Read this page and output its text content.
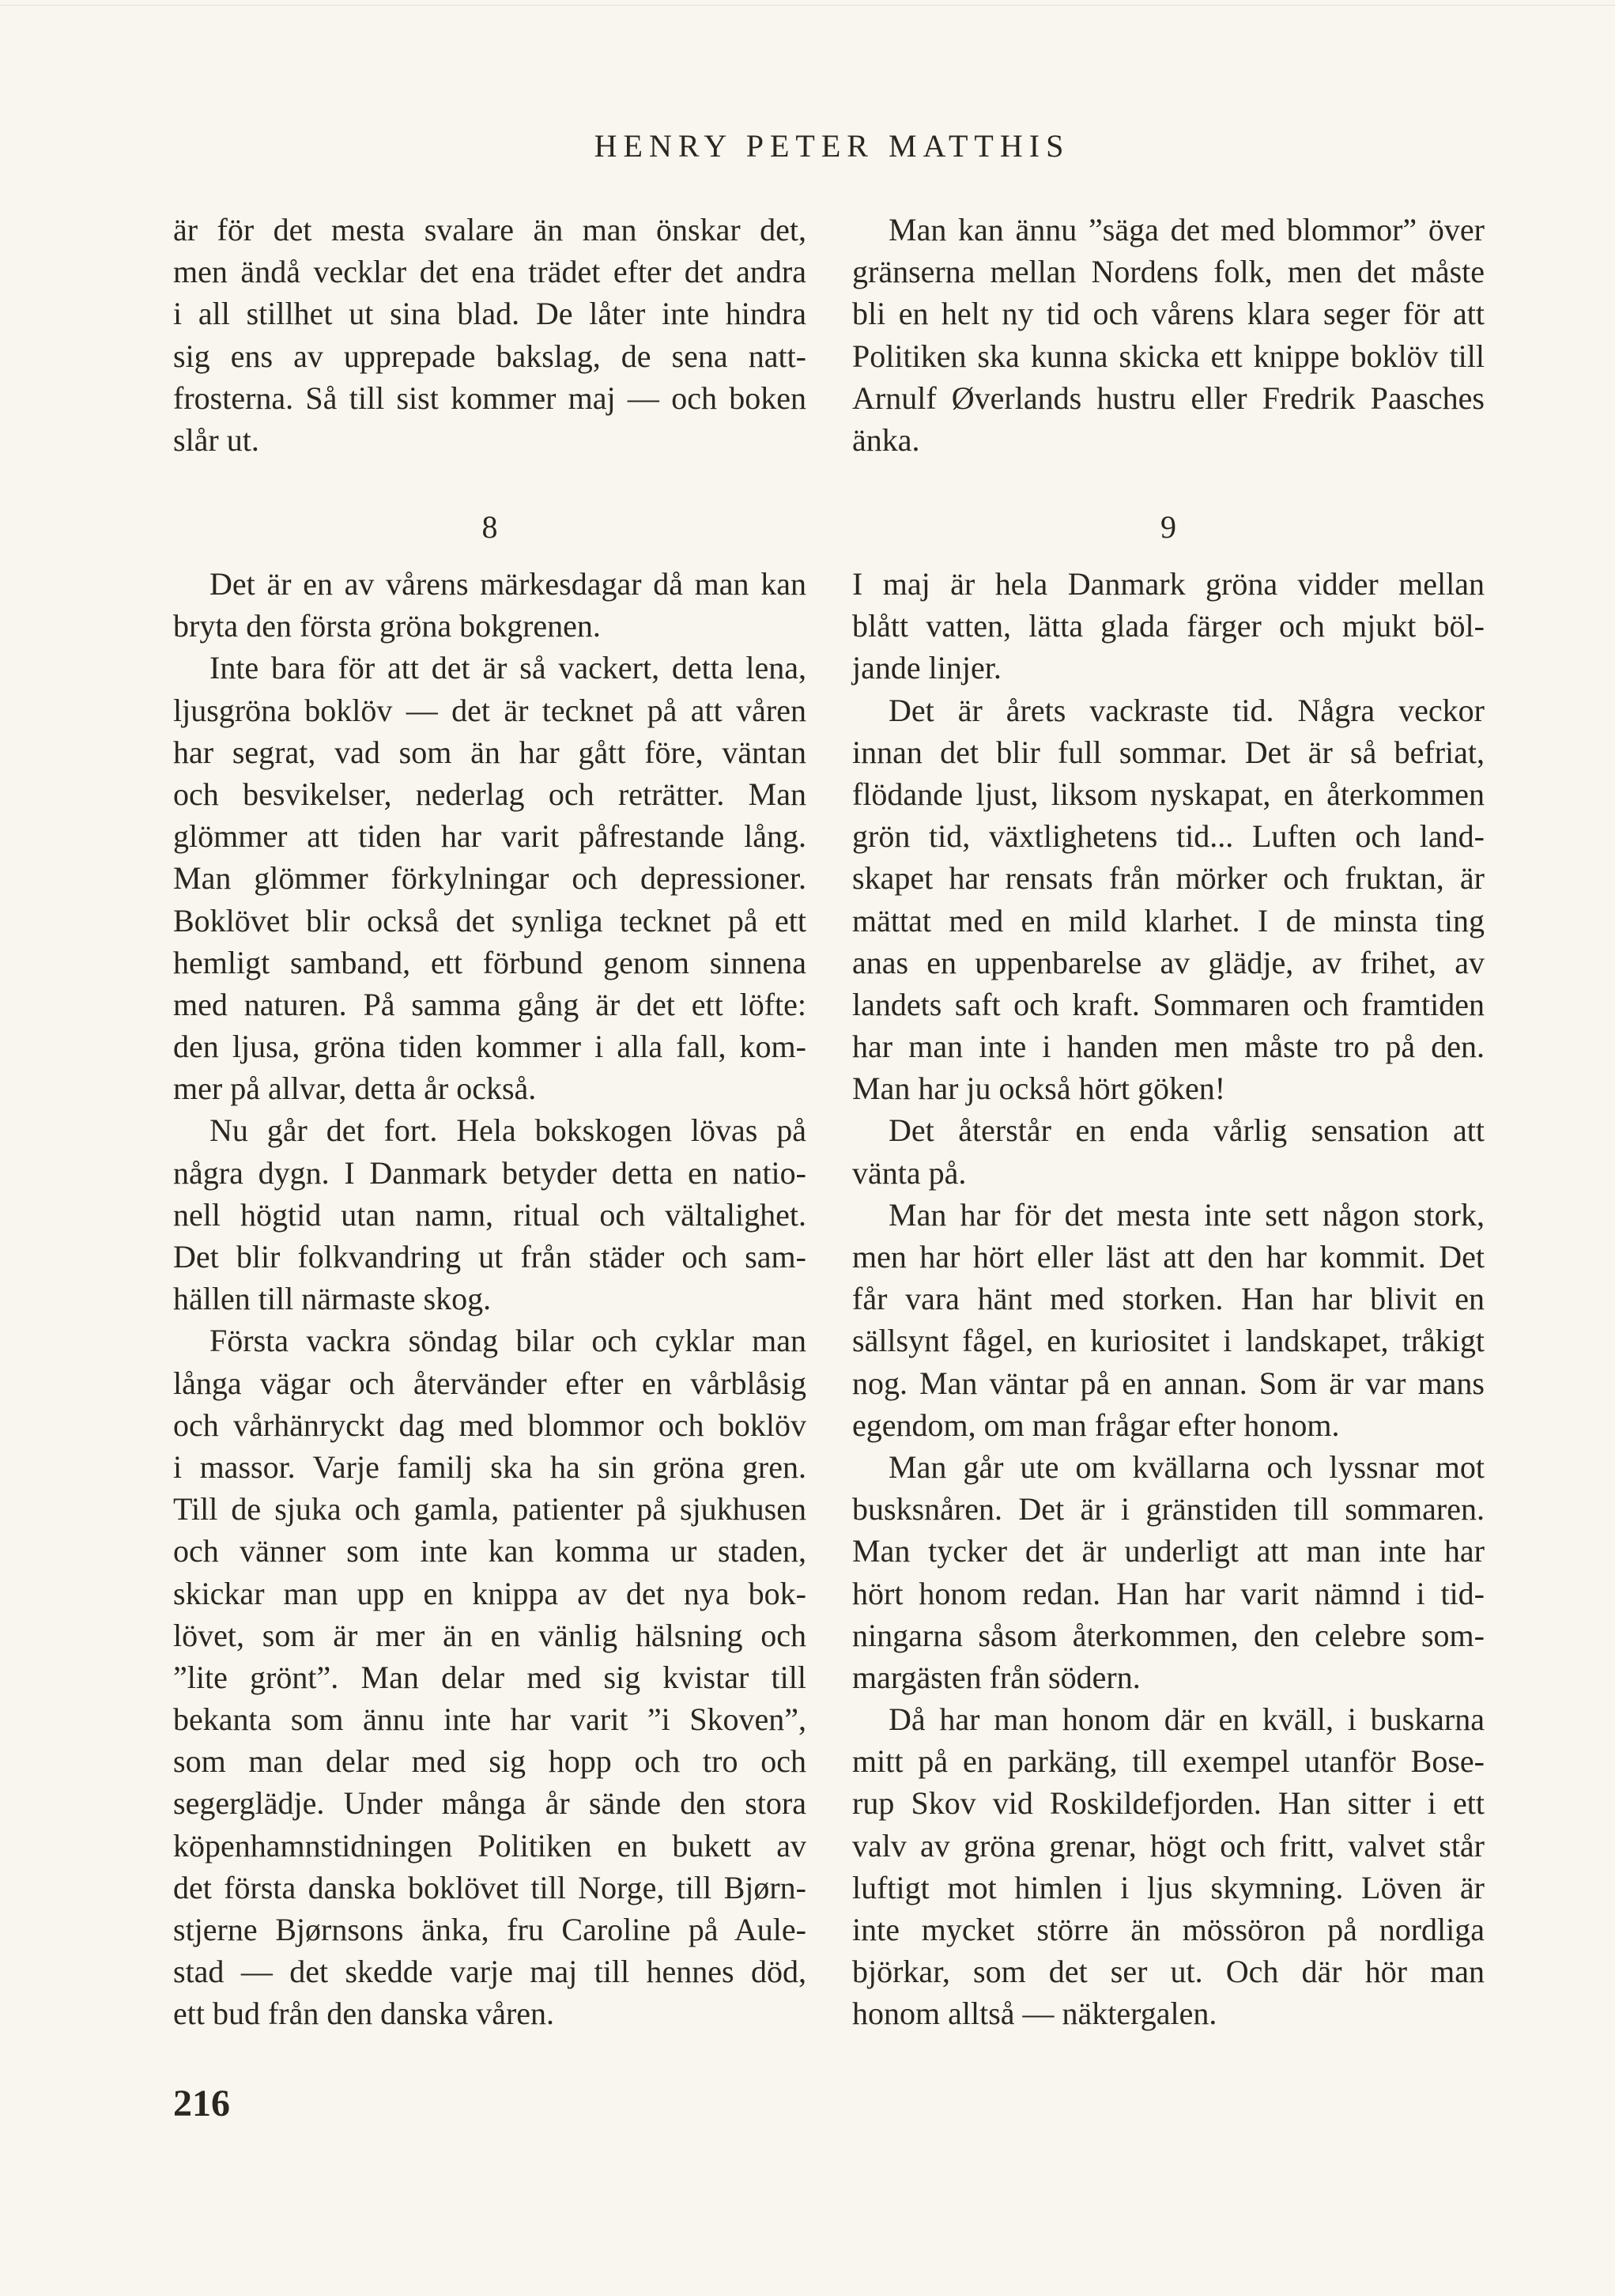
HENRY PETER MATTHIS
är för det mesta svalare än man önskar det,
men ändå vecklar det ena trädet efter det andra
i all stillhet ut sina blad. De låter inte hindra
sig ens av upprepade bakslag, de sena natt-
frosterna. Så till sist kommer maj — och boken
slår ut.
8
Det är en av vårens märkesdagar då man kan
bryta den första gröna bokgrenen.
Inte bara för att det är så vackert, detta lena,
ljusgröna boklöv — det är tecknet på att våren
har segrat, vad som än har gått före, väntan
och besvikelser, nederlag och reträtter. Man
glömmer att tiden har varit påfrestande lång.
Man glömmer förkylningar och depressioner.
Boklövet blir också det synliga tecknet på ett
hemligt samband, ett förbund genom sinnena
med naturen. På samma gång är det ett löfte:
den ljusa, gröna tiden kommer i alla fall, kom-
mer på allvar, detta år också.
Nu går det fort. Hela bokskogen lövas på
några dygn. I Danmark betyder detta en natio-
nell högtid utan namn, ritual och vältalighet.
Det blir folkvandring ut från städer och sam-
hällen till närmaste skog.
Första vackra söndag bilar och cyklar man
långa vägar och återvänder efter en vårblåsig
och vårhänryckt dag med blommor och boklöv
i massor. Varje familj ska ha sin gröna gren.
Till de sjuka och gamla, patienter på sjukhusen
och vänner som inte kan komma ur staden,
skickar man upp en knippa av det nya bok-
lövet, som är mer än en vänlig hälsning och
”lite grönt”. Man delar med sig kvistar till
bekanta som ännu inte har varit ”i Skoven”,
som man delar med sig hopp och tro och
segerglädje. Under många år sände den stora
köpenhamnstidningen Politiken en bukett av
det första danska boklövet till Norge, till Bjørn-
stjerne Bjørnsons änka, fru Caroline på Aule-
stad — det skedde varje maj till hennes död,
ett bud från den danska våren.
Man kan ännu ”säga det med blommor” över
gränserna mellan Nordens folk, men det måste
bli en helt ny tid och vårens klara seger för att
Politiken ska kunna skicka ett knippe boklöv till
Arnulf Øverlands hustru eller Fredrik Paasches
änka.
9
I maj är hela Danmark gröna vidder mellan
blått vatten, lätta glada färger och mjukt böl-
jande linjer.
Det är årets vackraste tid. Några veckor
innan det blir full sommar. Det är så befriat,
flödande ljust, liksom nyskapat, en återkommen
grön tid, växtlighetens tid... Luften och land-
skapet har rensats från mörker och fruktan, är
mättat med en mild klarhet. I de minsta ting
anas en uppenbarelse av glädje, av frihet, av
landets saft och kraft. Sommaren och framtiden
har man inte i handen men måste tro på den.
Man har ju också hört göken!
Det återstår en enda vårlig sensation att
vänta på.
Man har för det mesta inte sett någon stork,
men har hört eller läst att den har kommit. Det
får vara hänt med storken. Han har blivit en
sällsynt fågel, en kuriositet i landskapet, tråkigt
nog. Man väntar på en annan. Som är var mans
egendom, om man frågar efter honom.
Man går ute om kvällarna och lyssnar mot
busksnåren. Det är i gränstiden till sommaren.
Man tycker det är underligt att man inte har
hört honom redan. Han har varit nämnd i tid-
ningarna såsom återkommen, den celebre som-
margästen från södern.
Då har man honom där en kväll, i buskarna
mitt på en parkäng, till exempel utanför Bose-
rup Skov vid Roskildefjorden. Han sitter i ett
valv av gröna grenar, högt och fritt, valvet står
luftigt mot himlen i ljus skymning. Löven är
inte mycket större än mössöron på nordliga
björkar, som det ser ut. Och där hör man
honom alltså — näktergalen.
216
